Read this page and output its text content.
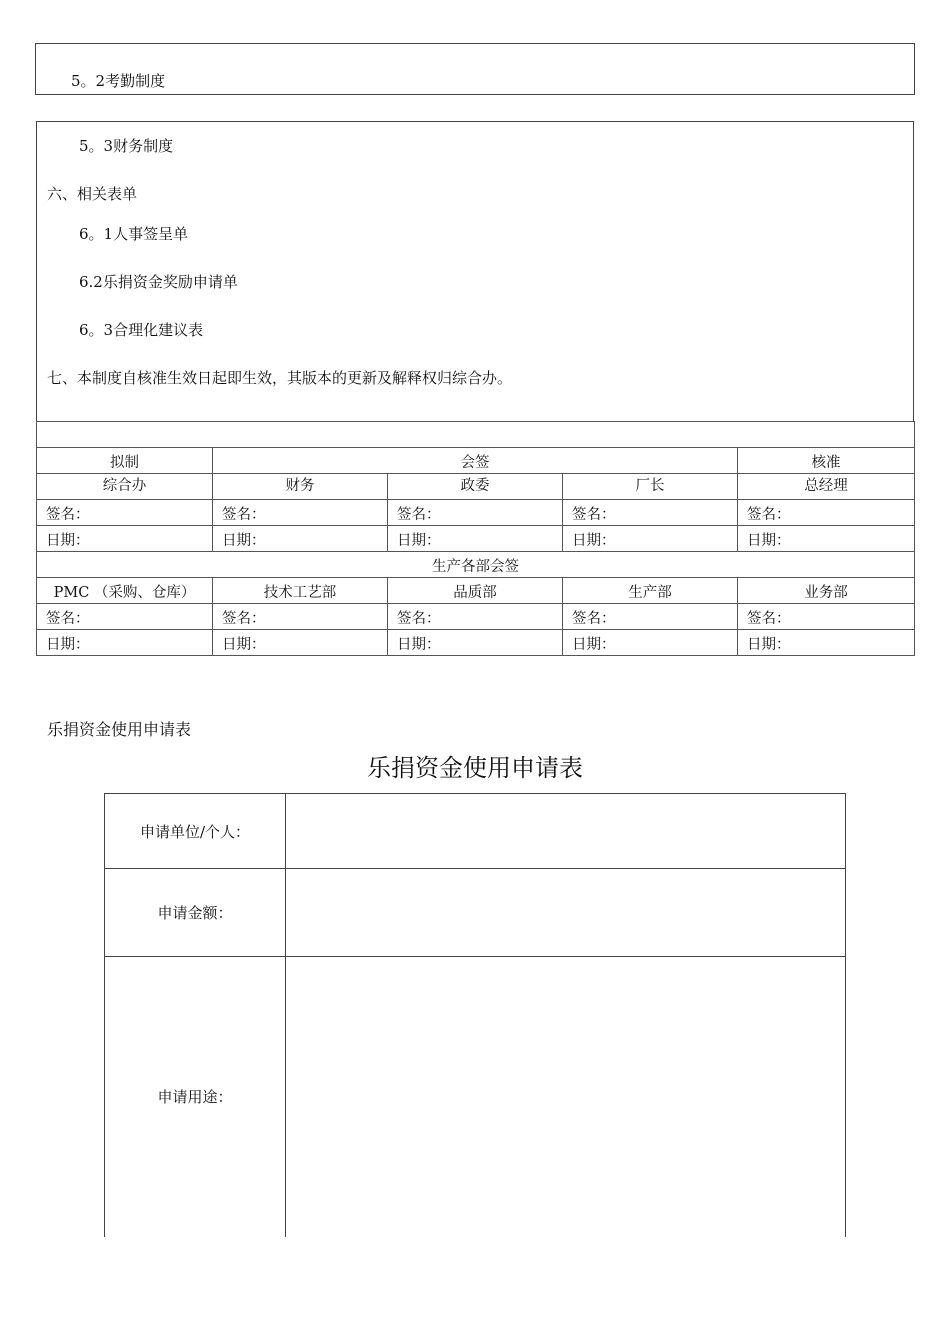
5。2考勤制度
5。3财务制度
六、相关表单
6。1人事签呈单
6.2乐捐资金奖励申请单
6。3合理化建议表
七、本制度自核准生效日起即生效，其版本的更新及解释权归综合办。

拟制	会签			核准
综合办	财务	政委	厂长	总经理
签名：	签名：	签名：	签名：	签名：
日期：	日期：	日期：	日期：	日期：
生产各部会签				
PMC （采购、仓库）	技术工艺部	品质部	生产部	业务部
签名：	签名：	签名：	签名：	签名：
日期：	日期：	日期：	日期：	日期：
乐捐资金使用申请表
乐捐资金使用申请表
申请单位/个人：	
申请金额：	
申请用途：	
